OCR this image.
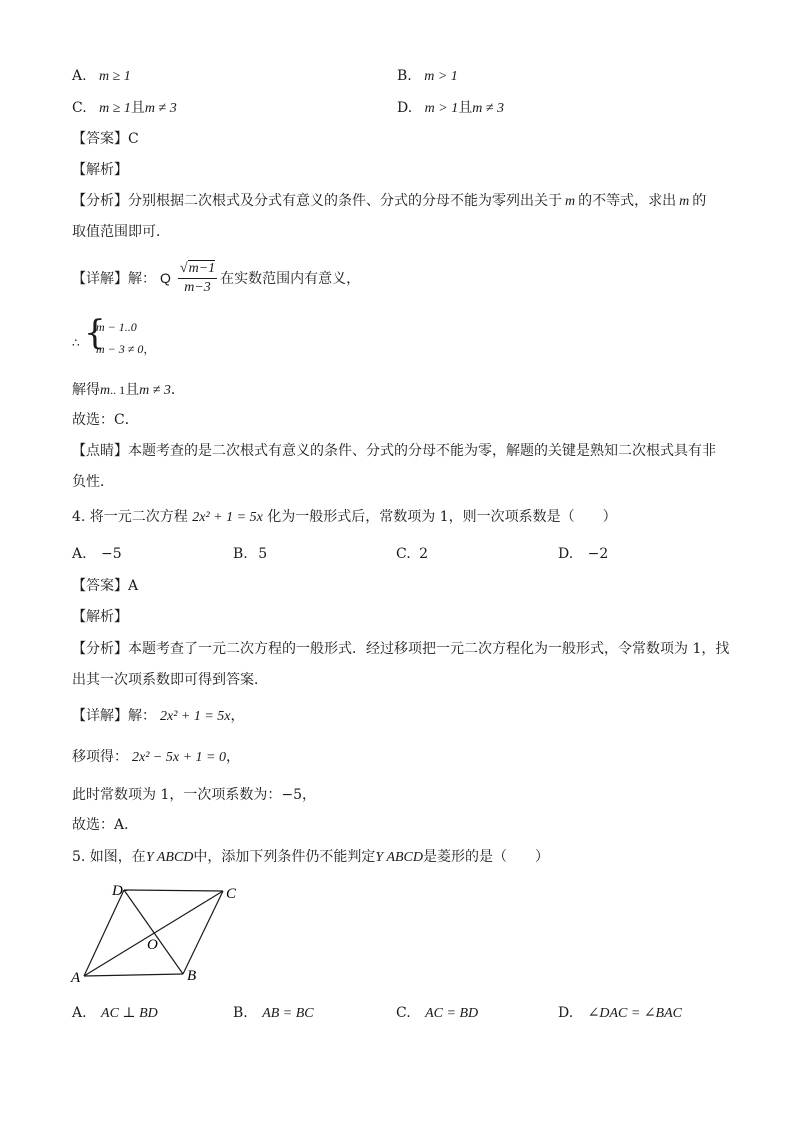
A. m ≥ 1	B. m > 1
C. m ≥ 1且m ≠ 3	D. m > 1且m ≠ 3
【答案】C
【解析】
【分析】分别根据二次根式及分式有意义的条件、分式的分母不能为零列出关于 m 的不等式，求出 m 的
取值范围即可．
【详解】 解： Q $\frac{√m-1}{m-3}$ 在实数范围内有意义，
∴ {
m − 1..0
m − 3 ≠ 0，
解得m.. 1且m ≠ 3．
故选：C．
【点睛】本题考查的是二次根式有意义的条件、分式的分母不能为零，解题的关键是熟知二次根式具有非
负性．
4. 将一元二次方程 2x² + 1 = 5x 化为一般形式后，常数项为 1，则一次项系数是（　　）
A. −5	B. 5	C. 2	D. −2
【答案】A
【解析】
【分析】本题考查了一元二次方程的一般形式．经过移项把一元二次方程化为一般形式，令常数项为 1，找
出其一次项系数即可得到答案．
【详解】解： 2x² + 1 = 5x，
移项得： 2x² − 5x + 1 = 0，
此时常数项为 1，一次项系数为：−5，
故选：A．
5. 如图，在Y ABCD中，添加下列条件仍不能判定Y ABCD是菱形的是（　　）
D	C
O
A	B
A. AC ⊥ BD	B. AB = BC	C. AC = BD	D. ∠DAC = ∠BAC
